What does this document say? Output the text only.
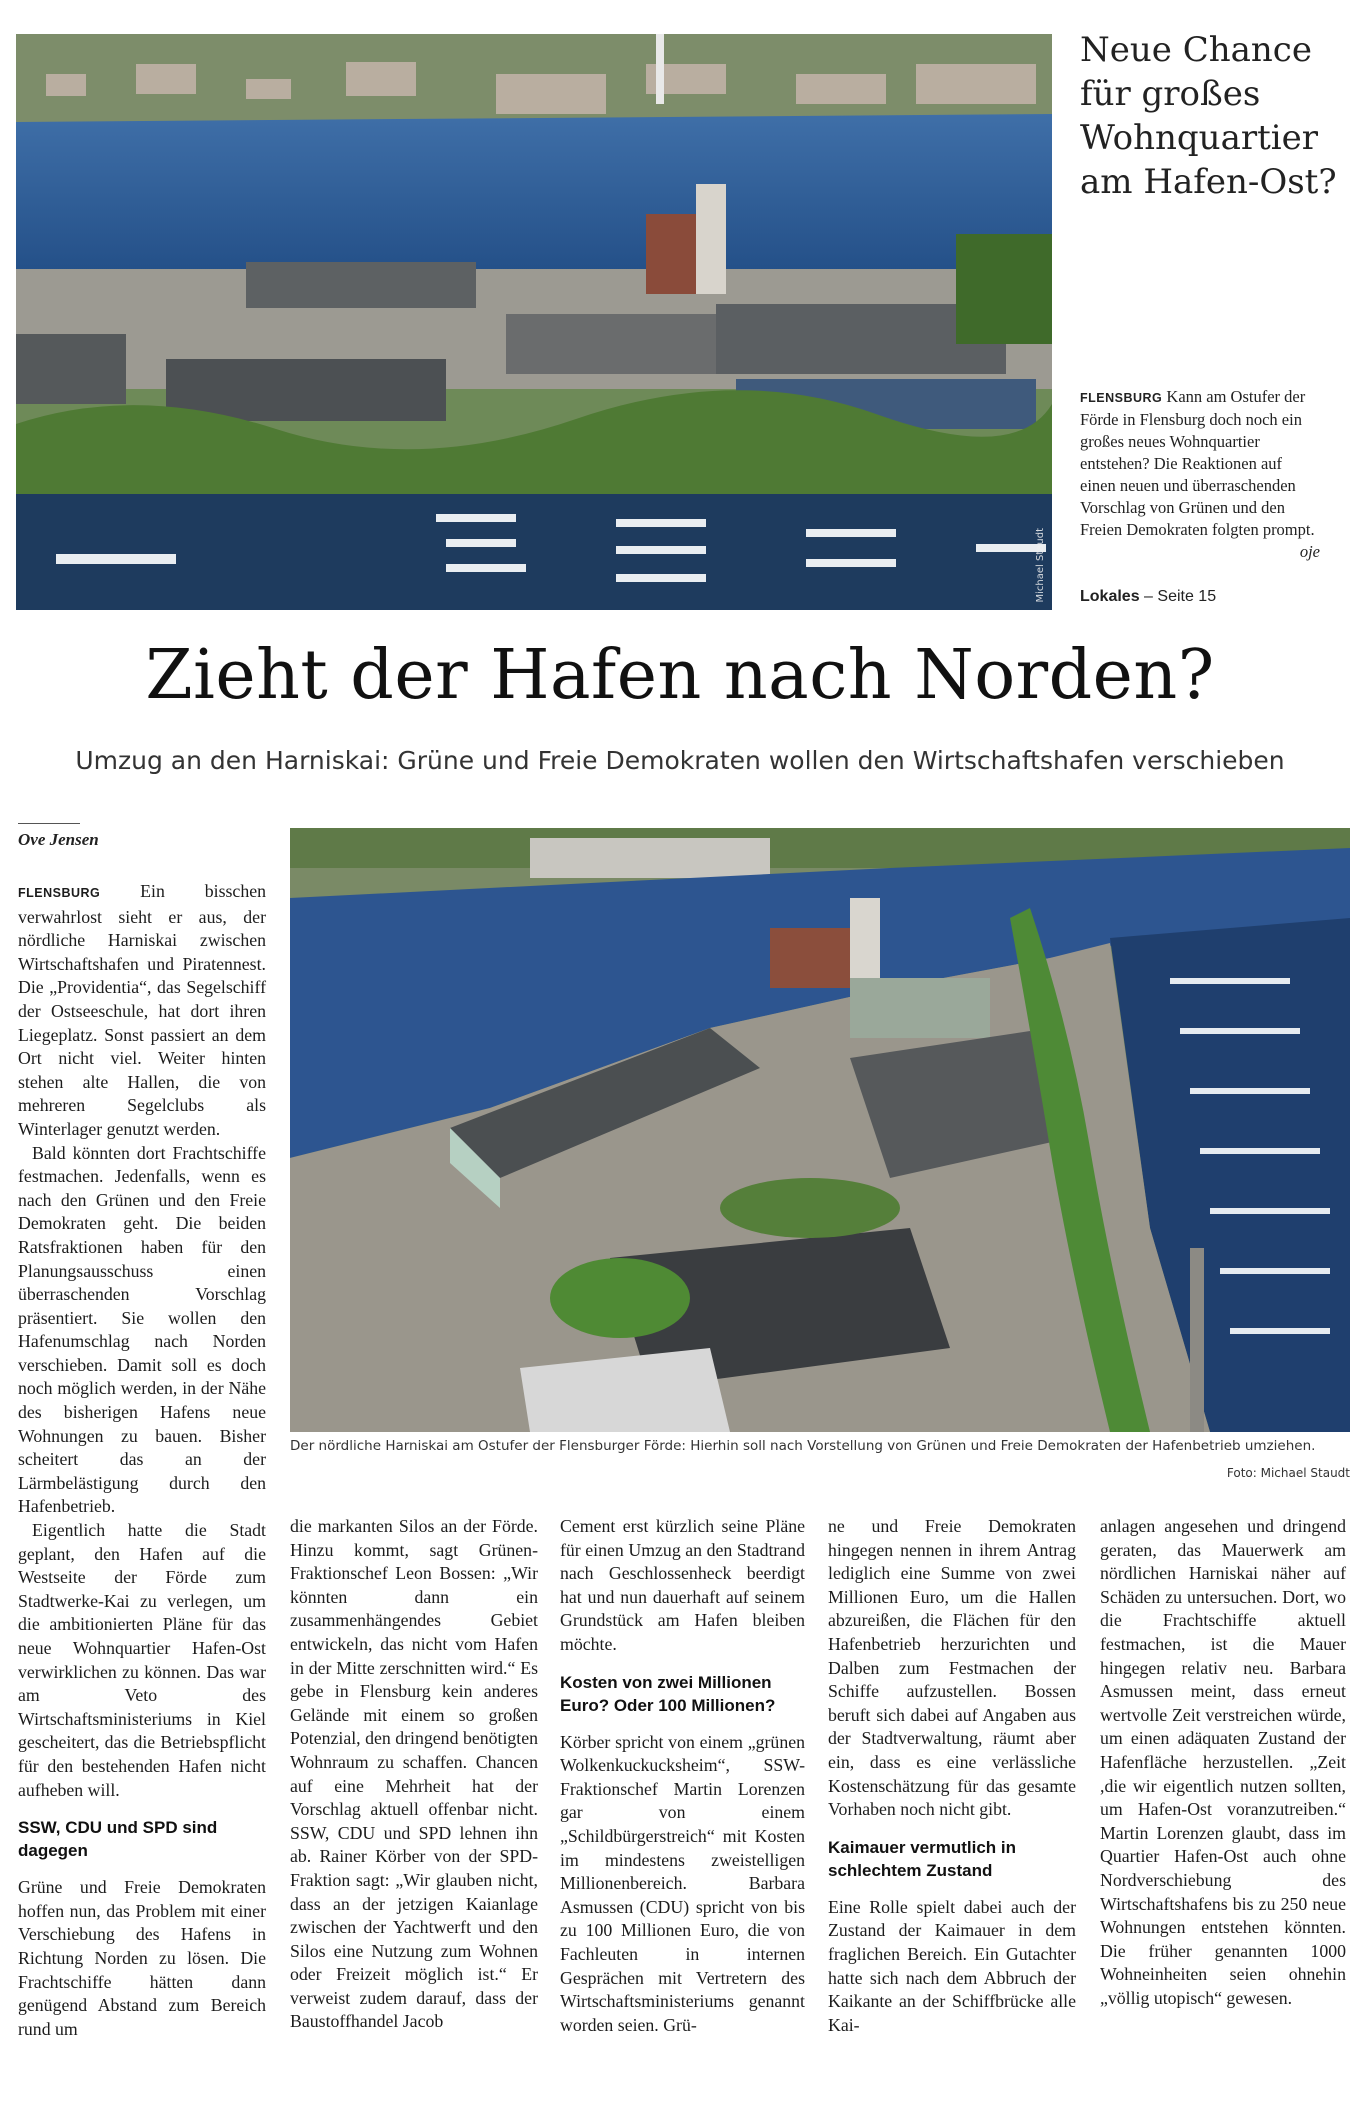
Michael Staudt
Neue Chance für großes Wohnquartier am Hafen-Ost?

FLENSBURG Kann am Ostufer der Förde in Flensburg doch noch ein großes neues Wohnquartier entstehen? Die Reaktionen auf einen neuen und überraschenden Vorschlag von Grünen und den Freien Demokraten folgten prompt.
oje

Lokales – Seite 15
Zieht der Hafen nach Norden?
Umzug an den Harniskai: Grüne und Freie Demokraten wollen den Wirtschaftshafen verschieben
Ove Jensen

Der nördliche Harniskai am Ostufer der Flensburger Förde: Hierhin soll nach Vorstellung von Grünen und Freie Demokraten der Hafenbetrieb umziehen.

Foto: Michael Staudt

FLENSBURG Ein bisschen verwahrlost sieht er aus, der nördliche Harniskai zwischen Wirtschaftshafen und Piratennest. Die „Providentia“, das Segelschiff der Ostseeschule, hat dort ihren Liegeplatz. Sonst passiert an dem Ort nicht viel. Weiter hinten stehen alte Hallen, die von mehreren Segelclubs als Winterlager genutzt werden.

Bald könnten dort Frachtschiffe festmachen. Jedenfalls, wenn es nach den Grünen und den Freie Demokraten geht. Die beiden Ratsfraktionen haben für den Planungsausschuss einen überraschenden Vorschlag präsentiert. Sie wollen den Hafenumschlag nach Norden verschieben. Damit soll es doch noch möglich werden, in der Nähe des bisherigen Hafens neue Wohnungen zu bauen. Bisher scheitert das an der Lärmbelästigung durch den Hafenbetrieb.

Eigentlich hatte die Stadt geplant, den Hafen auf die Westseite der Förde zum Stadtwerke-Kai zu verlegen, um die ambitionierten Pläne für das neue Wohnquartier Hafen-Ost verwirklichen zu können. Das war am Veto des Wirtschaftsministeriums in Kiel gescheitert, das die Betriebspflicht für den bestehenden Hafen nicht aufheben will.

SSW, CDU und SPD sind dagegen

Grüne und Freie Demokraten hoffen nun, das Problem mit einer Verschiebung des Hafens in Richtung Norden zu lösen. Die Frachtschiffe hätten dann genügend Abstand zum Bereich rund um

die markanten Silos an der Förde. Hinzu kommt, sagt Grünen-Fraktionschef Leon Bossen: „Wir könnten dann ein zusammenhängendes Gebiet entwickeln, das nicht vom Hafen in der Mitte zerschnitten wird.“ Es gebe in Flensburg kein anderes Gelände mit einem so großen Potenzial, den dringend benötigten Wohnraum zu schaffen. Chancen auf eine Mehrheit hat der Vorschlag aktuell offenbar nicht. SSW, CDU und SPD lehnen ihn ab. Rainer Körber von der SPD-Fraktion sagt: „Wir glauben nicht, dass an der jetzigen Kaianlage zwischen der Yachtwerft und den Silos eine Nutzung zum Wohnen oder Freizeit möglich ist.“ Er verweist zudem darauf, dass der Baustoffhandel Jacob

Cement erst kürzlich seine Pläne für einen Umzug an den Stadtrand nach Geschlossenheck beerdigt hat und nun dauerhaft auf seinem Grundstück am Hafen bleiben möchte.

Kosten von zwei Millionen Euro? Oder 100 Millionen?

Körber spricht von einem „grünen Wolkenkuckucksheim“, SSW-Fraktionschef Martin Lorenzen gar von einem „Schildbürgerstreich“ mit Kosten im mindestens zweistelligen Millionenbereich. Barbara Asmussen (CDU) spricht von bis zu 100 Millionen Euro, die von Fachleuten in internen Gesprächen mit Vertretern des Wirtschaftsministeriums genannt worden seien. Grü-

ne und Freie Demokraten hingegen nennen in ihrem Antrag lediglich eine Summe von zwei Millionen Euro, um die Hallen abzureißen, die Flächen für den Hafenbetrieb herzurichten und Dalben zum Festmachen der Schiffe aufzustellen. Bossen beruft sich dabei auf Angaben aus der Stadtverwaltung, räumt aber ein, dass es eine verlässliche Kostenschätzung für das gesamte Vorhaben noch nicht gibt.

Kaimauer vermutlich in schlechtem Zustand

Eine Rolle spielt dabei auch der Zustand der Kaimauer in dem fraglichen Bereich. Ein Gutachter hatte sich nach dem Abbruch der Kaikante an der Schiffbrücke alle Kai-

anlagen angesehen und dringend geraten, das Mauerwerk am nördlichen Harniskai näher auf Schäden zu untersuchen. Dort, wo die Frachtschiffe aktuell festmachen, ist die Mauer hingegen relativ neu. Barbara Asmussen meint, dass erneut wertvolle Zeit verstreichen würde, um einen adäquaten Zustand der Hafenfläche herzustellen. „Zeit ,die wir eigentlich nutzen sollten, um Hafen-Ost voranzutreiben.“ Martin Lorenzen glaubt, dass im Quartier Hafen-Ost auch ohne Nordverschiebung des Wirtschaftshafens bis zu 250 neue Wohnungen entstehen könnten. Die früher genannten 1000 Wohneinheiten seien ohnehin „völlig utopisch“ gewesen.
